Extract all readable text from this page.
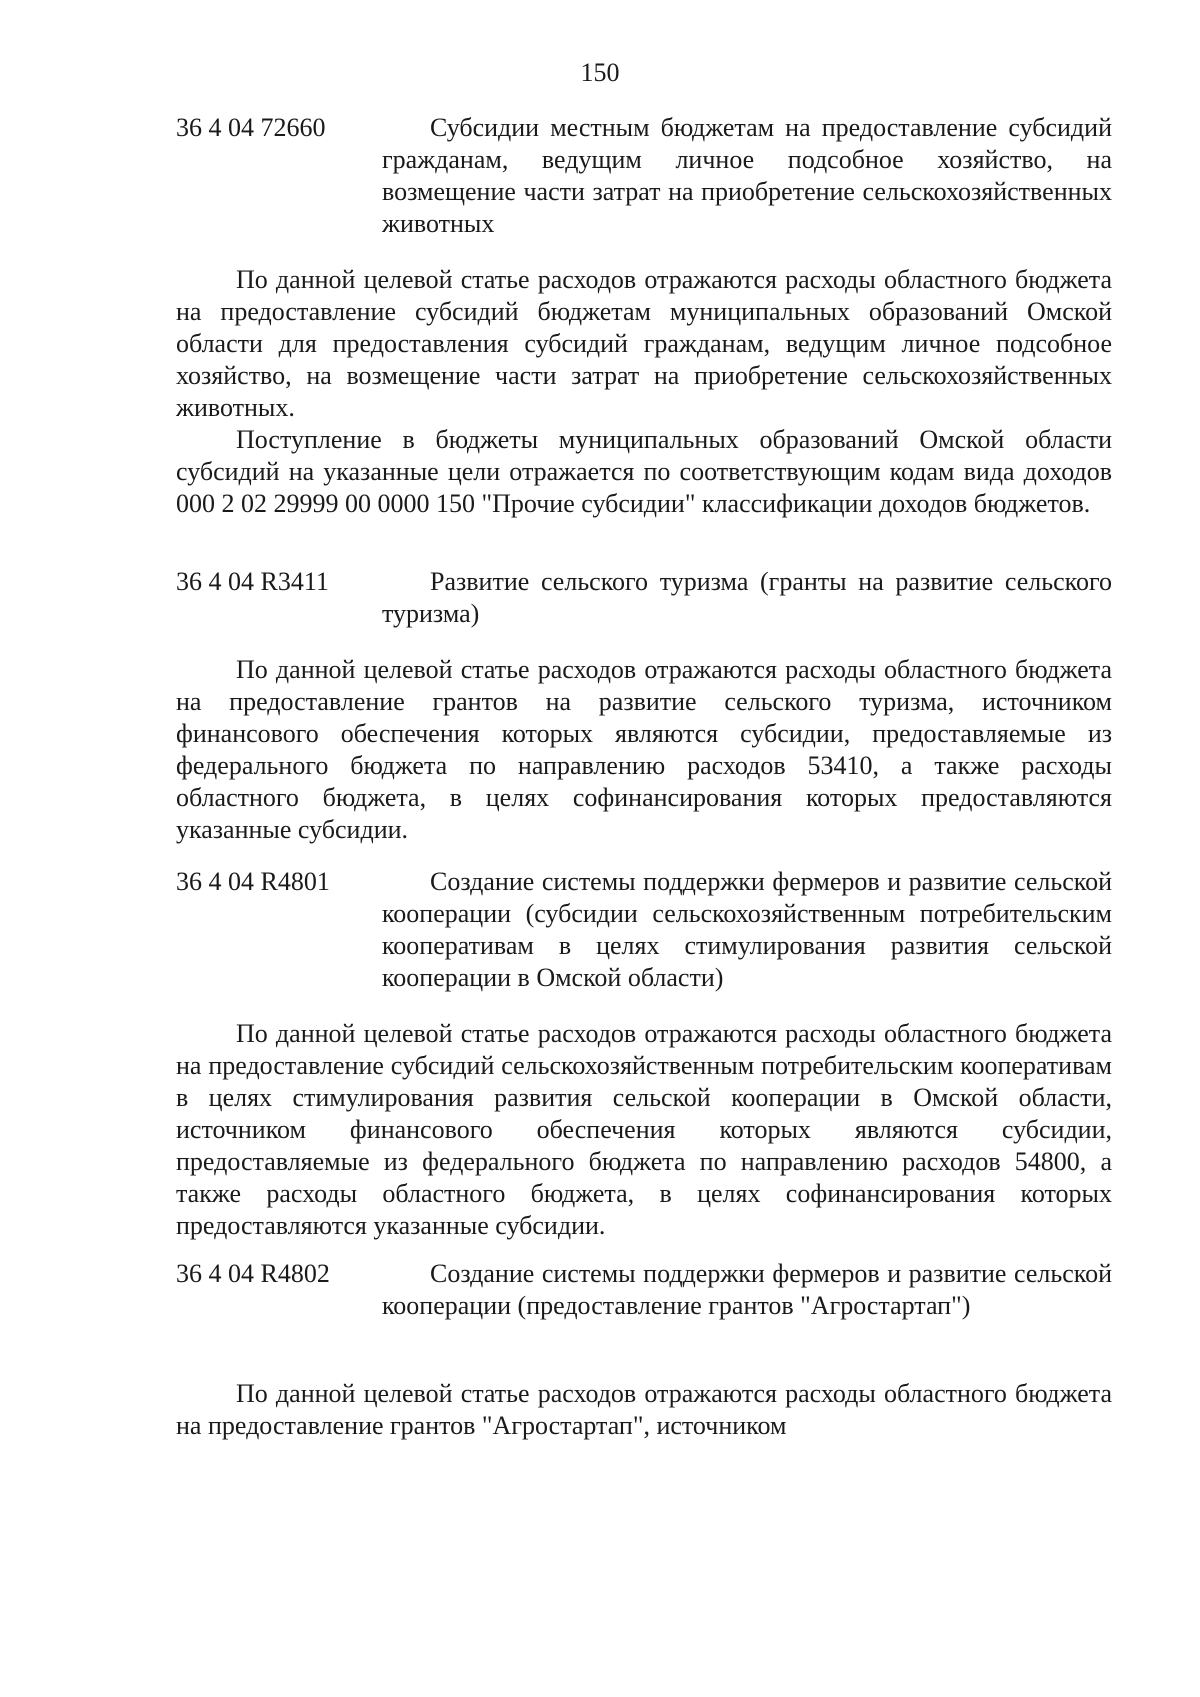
150
36 4 04 72660	Субсидии местным бюджетам на предоставление субсидий гражданам, ведущим личное подсобное хозяйство, на возмещение части затрат на приобретение сельскохозяйственных животных

По данной целевой статье расходов отражаются расходы областного бюджета на предоставление субсидий бюджетам муниципальных образований Омской области для предоставления субсидий гражданам, ведущим личное подсобное хозяйство, на возмещение части затрат на приобретение сельскохозяйственных животных.

Поступление в бюджеты муниципальных образований Омской области субсидий на указанные цели отражается по соответствующим кодам вида доходов 000 2 02 29999 00 0000 150 "Прочие субсидии" классификации доходов бюджетов.

36 4 04 R3411	Развитие сельского туризма (гранты на развитие сельского туризма)

По данной целевой статье расходов отражаются расходы областного бюджета на предоставление грантов на развитие сельского туризма, источником финансового обеспечения которых являются субсидии, предоставляемые из федерального бюджета по направлению расходов 53410, а также расходы областного бюджета, в целях софинансирования которых предоставляются указанные субсидии.

36 4 04 R4801	Создание системы поддержки фермеров и развитие сельской кооперации (субсидии сельскохозяйственным потребительским кооперативам в целях стимулирования развития сельской кооперации в Омской области)

По данной целевой статье расходов отражаются расходы областного бюджета на предоставление субсидий сельскохозяйственным потребительским кооперативам в целях стимулирования развития сельской кооперации в Омской области, источником финансового обеспечения которых являются субсидии, предоставляемые из федерального бюджета по направлению расходов 54800, а также расходы областного бюджета, в целях софинансирования которых предоставляются указанные субсидии.

36 4 04 R4802	Создание системы поддержки фермеров и развитие сельской кооперации (предоставление грантов "Агростартап")

По данной целевой статье расходов отражаются расходы областного бюджета на предоставление грантов "Агростартап", источником
